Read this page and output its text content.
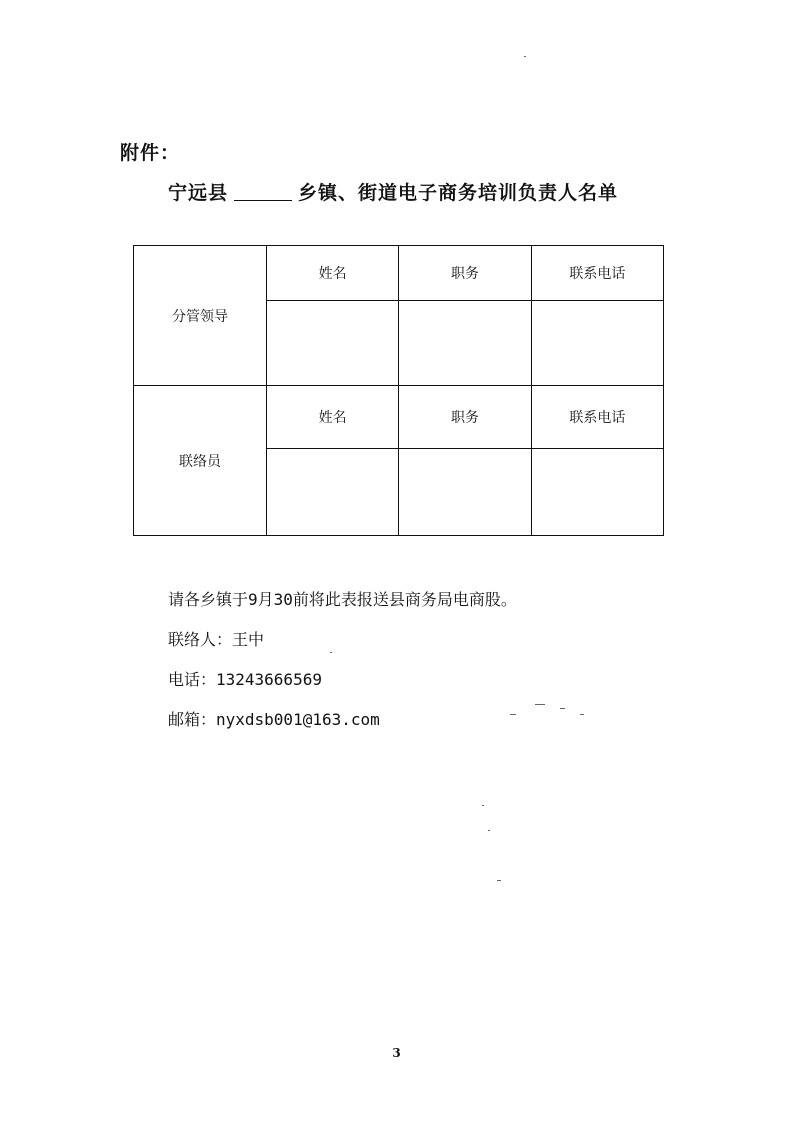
附件：
宁远县	乡镇、街道电子商务培训负责人名单
分管领导	姓名	职务	联系电话

联络员	姓名	职务	联系电话

请各乡镇于9月30前将此表报送县商务局电商股。
联络人：王中
电话：13243666569
邮箱：nyxdsb001@163.com
3
